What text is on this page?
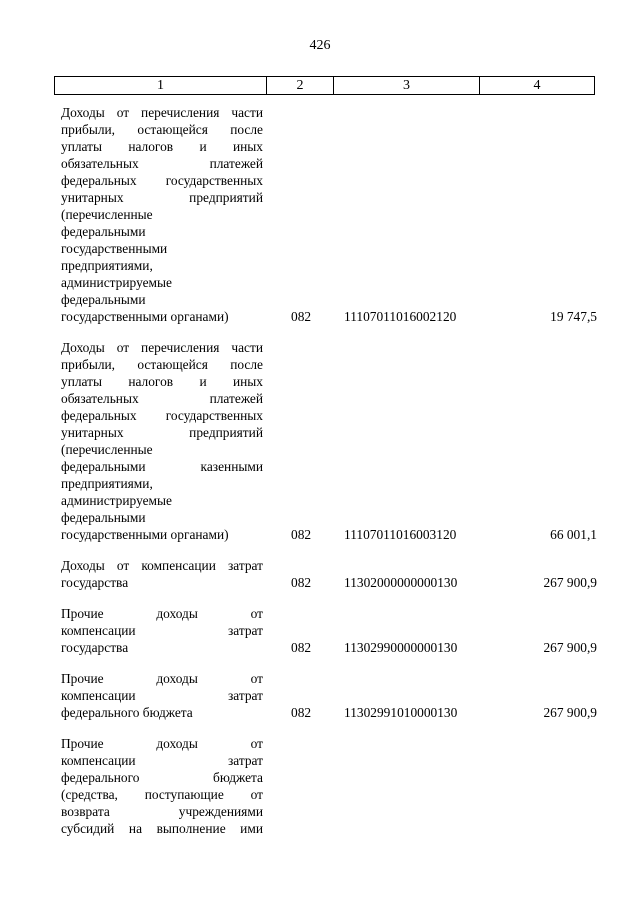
426
1	2	3	4
Доходы от перечисления части
прибыли, остающейся после
уплаты налогов и иных
обязательных платежей
федеральных государственных
унитарных предприятий
(перечисленные
федеральными
государственными
предприятиями,
администрируемые
федеральными
государственными органами)	082 11107011016002120	19 747,5
Доходы от перечисления части
прибыли, остающейся после
уплаты налогов и иных
обязательных платежей
федеральных государственных
унитарных предприятий
(перечисленные
федеральными казенными
предприятиями,
администрируемые
федеральными
государственными органами)	082 11107011016003120	66 001,1
Доходы от компенсации затрат
государства	082 11302000000000130	267 900,9
Прочие доходы от
компенсации затрат
государства	082 11302990000000130	267 900,9
Прочие доходы от
компенсации затрат
федерального бюджета	082 11302991010000130	267 900,9
Прочие доходы от
компенсации затрат
федерального бюджета
(средства, поступающие от
возврата учреждениями
субсидий на выполнение ими
